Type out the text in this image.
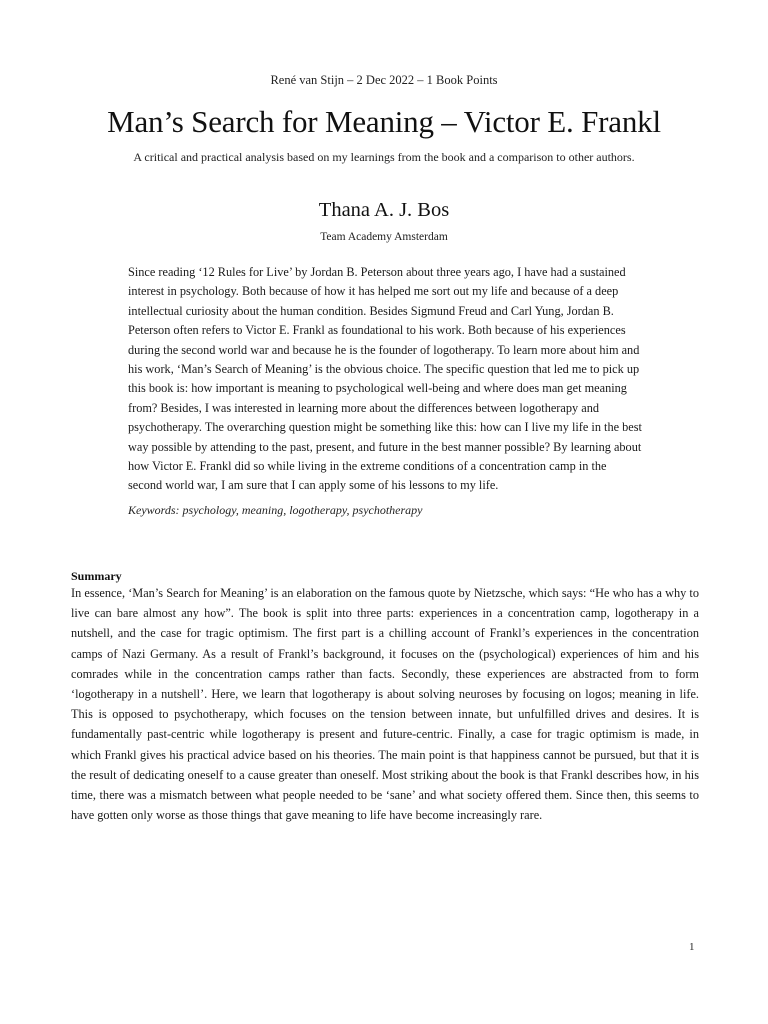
René van Stijn – 2 Dec 2022 – 1 Book Points
Man’s Search for Meaning – Victor E. Frankl
A critical and practical analysis based on my learnings from the book and a comparison to other authors.
Thana A. J. Bos
Team Academy Amsterdam

Since reading ‘12 Rules for Live’ by Jordan B. Peterson about three years ago, I have had a sustained interest in psychology. Both because of how it has helped me sort out my life and because of a deep intellectual curiosity about the human condition. Besides Sigmund Freud and Carl Yung, Jordan B. Peterson often refers to Victor E. Frankl as foundational to his work. Both because of his experiences during the second world war and because he is the founder of logotherapy. To learn more about him and his work, ‘Man’s Search of Meaning’ is the obvious choice. The specific question that led me to pick up this book is: how important is meaning to psychological well-being and where does man get meaning from? Besides, I was interested in learning more about the differences between logotherapy and psychotherapy. The overarching question might be something like this: how can I live my life in the best way possible by attending to the past, present, and future in the best manner possible? By learning about how Victor E. Frankl did so while living in the extreme conditions of a concentration camp in the second world war, I am sure that I can apply some of his lessons to my life.

Keywords: psychology, meaning, logotherapy, psychotherapy
Summary

In essence, ‘Man’s Search for Meaning’ is an elaboration on the famous quote by Nietzsche, which says: “He who has a why to live can bare almost any how”. The book is split into three parts: experiences in a concentration camp, logotherapy in a nutshell, and the case for tragic optimism. The first part is a chilling account of Frankl’s experiences in the concentration camps of Nazi Germany. As a result of Frankl’s background, it focuses on the (psychological) experiences of him and his comrades while in the concentration camps rather than facts. Secondly, these experiences are abstracted from to form ‘logotherapy in a nutshell’. Here, we learn that logotherapy is about solving neuroses by focusing on logos; meaning in life. This is opposed to psychotherapy, which focuses on the tension between innate, but unfulfilled drives and desires. It is fundamentally past-centric while logotherapy is present and future-centric. Finally, a case for tragic optimism is made, in which Frankl gives his practical advice based on his theories. The main point is that happiness cannot be pursued, but that it is the result of dedicating oneself to a cause greater than oneself. Most striking about the book is that Frankl describes how, in his time, there was a mismatch between what people needed to be ‘sane’ and what society offered them. Since then, this seems to have gotten only worse as those things that gave meaning to life have become increasingly rare.

1
